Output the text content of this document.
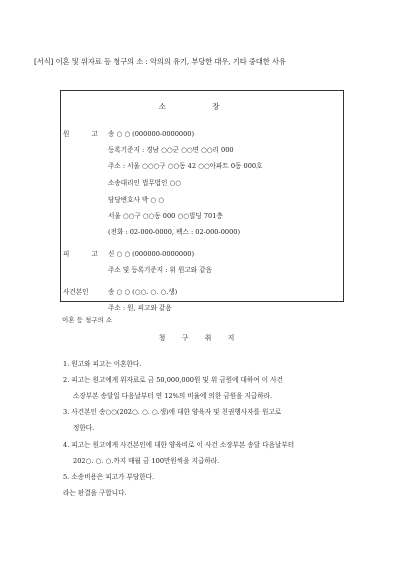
[서식] 이혼 및 위자료 등 청구의 소 : 악의의 유기, 부당한 대우, 기타 중대한 사유
소 장
원 고 송 ○ ○ (000000-0000000)
등록기준지 : 경남 ○○군 ○○면 ○○리 000
주소 : 서울 ○○○구 ○○동 42 ○○아파트 0동 000호
소송대리인 법무법인 ○○
담당변호사 박 ○ ○
서울 ○○구 ○○동 000 ○○빌딩 701층
(전화 : 02-000-0000, 팩스 : 02-000-0000)
피 고 신 ○ ○ (000000-0000000)
주소 및 등록기준지 : 위 원고와 같음
사건본인	송 ○ ○ (○○. ○. ○.생)
주소 : 원, 피고와 같음
이혼 등 청구의 소
청 구 취 지
1. 원고와 피고는 이혼한다.
2. 피고는 원고에게 위자료로 금 50,000,000원 및 위 금원에 대하여 이 사건
소장부본 송달일 다음날부터 연 12%의 비율에 의한 금원을 지급하라.
3. 사건본인 송○○(202○. ○. ○.생)에 대한 양육자 및 친권행사자를 원고로
정한다.
4. 피고는 원고에게 사건본인에 대한 양육비로 이 사건 소장부본 송달 다음날부터
202○. ○. ○.까지 매월 금 100만원씩을 지급하라.
5. 소송비용은 피고가 부담한다.
라는 판결을 구합니다.
